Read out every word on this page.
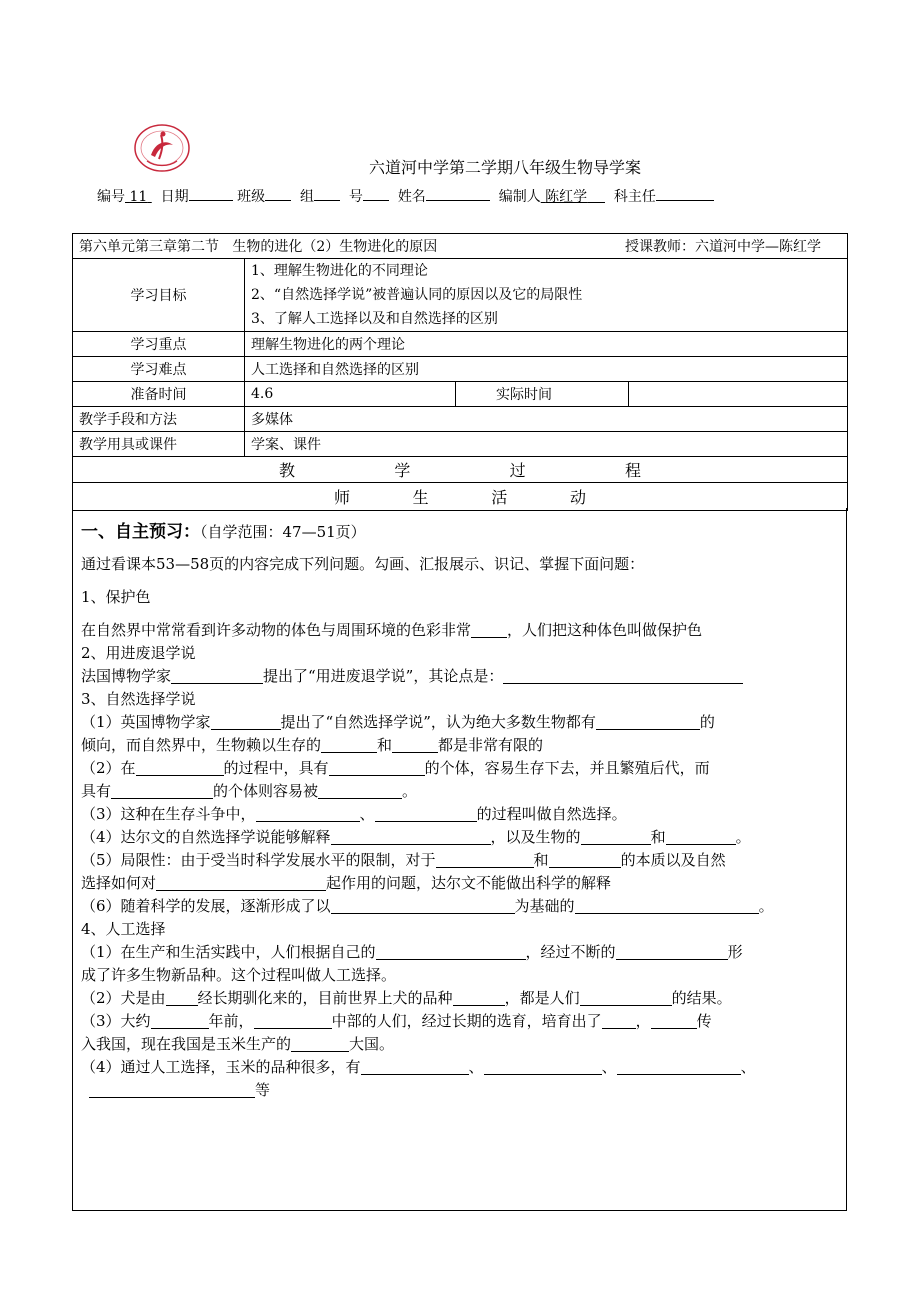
六道河中学第二学期八年级生物导学案
编号 11 日期	班级 组 号 姓名	编制人 陈红学 科主任
第六单元第三章第二节 生物的进化（2）生物进化的原因 授课教师：六道河中学—陈红学			

学习目标	1、理解生物进化的不同理论
2、“自然选择学说”被普遍认同的原因以及它的局限性
3、了解人工选择以及和自然选择的区别		

学习重点	理解生物进化的两个理论		
学习难点	人工选择和自然选择的区别		
准备时间	4.6	实际时间	
教学手段和方法	多媒体		
教学用具或课件	学案、课件		

教 学 过 程			

师 生 活 动			

一、自主预习：（自学范围：47—51页）

通过看课本53—58页的内容完成下列问题。勾画、汇报展示、识记、掌握下面问题：

1、保护色

在自然界中常常看到许多动物的体色与周围环境的色彩非常 ，人们把这种体色叫做保护色

2、用进废退学说

法国博物学家	提出了“用进废退学说”，其论点是：

3、自然选择学说

（1）英国博物学家	提出了“自然选择学说”，认为绝大多数生物都有	的

倾向，而自然界中，生物赖以生存的	和	都是非常有限的

（2）在	的过程中，具有	的个体，容易生存下去，并且繁殖后代，而

具有	的个体则容易被	。

（3）这种在生存斗争中，	、	的过程叫做自然选择。

（4）达尔文的自然选择学说能够解释	，以及生物的	和	。

（5）局限性：由于受当时科学发展水平的限制，对于	和	的本质以及自然

选择如何对	起作用的问题，达尔文不能做出科学的解释

（6）随着科学的发展，逐渐形成了以	为基础的	。

4、人工选择

（1）在生产和生活实践中，人们根据自己的	，经过不断的	形

成了许多生物新品种。这个过程叫做人工选择。

（2）犬是由 经长期驯化来的，目前世界上犬的品种	，都是人们	的结果。

（3）大约	年前，	中部的人们，经过长期的选育，培育出了 ，	传

入我国，现在我国是玉米生产的	大国。

（4）通过人工选择，玉米的品种很多，有	、	、	、

等
